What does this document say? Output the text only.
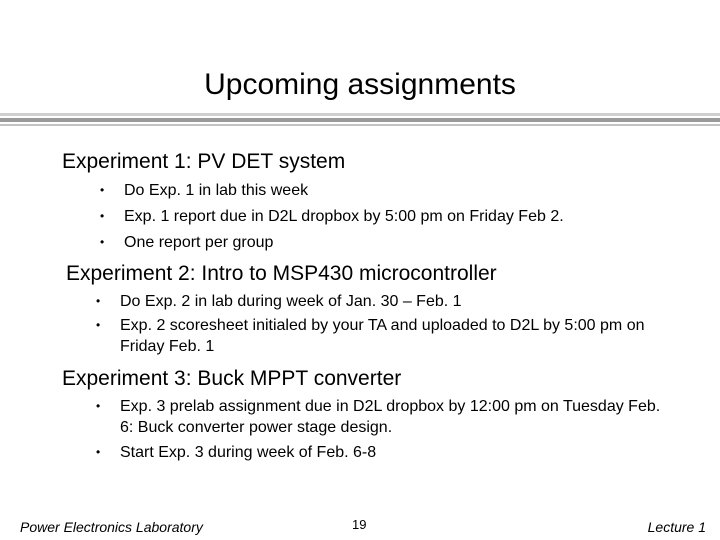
Upcoming assignments
Experiment 1: PV DET system
• Do Exp. 1 in lab this week
• Exp. 1 report due in D2L dropbox by 5:00 pm on Friday Feb 2.
• One report per group
Experiment 2: Intro to MSP430 microcontroller
• Do Exp. 2 in lab during week of Jan. 30 – Feb. 1
• Exp. 2 scoresheet initialed by your TA and uploaded to D2L by 5:00 pm on Friday Feb. 1
Experiment 3: Buck MPPT converter
• Exp. 3 prelab assignment due in D2L dropbox by 12:00 pm on Tuesday Feb. 6: Buck converter power stage design.
• Start Exp. 3 during week of Feb. 6-8
Power Electronics Laboratory	19	Lecture 1
